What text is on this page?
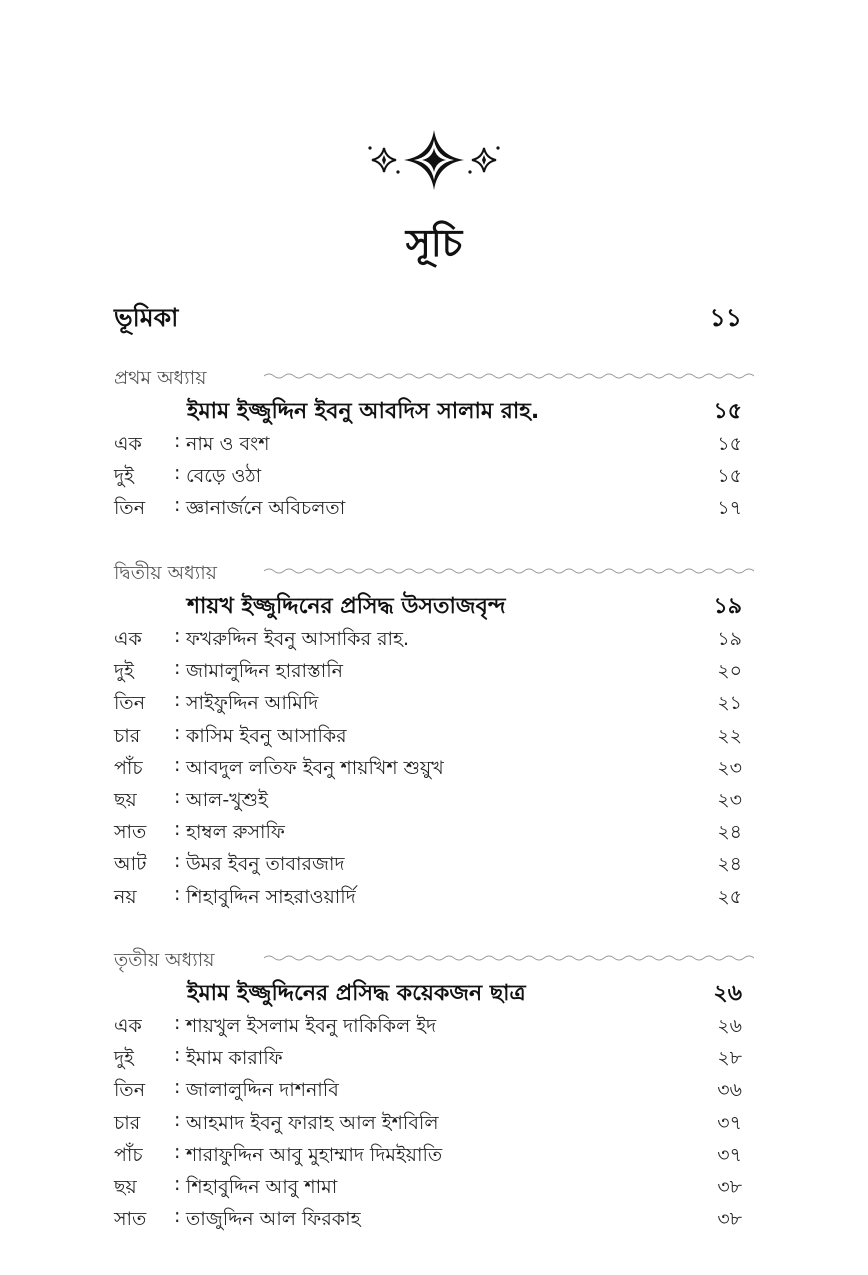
সূচি
ভূমিকা	১১
প্রথম অধ্যায়
ইমাম ইজ্জুদ্দিন ইবনু আবদিস সালাম রাহ.	১৫
এক : নাম ও বংশ	১৫
দুই : বেড়ে ওঠা	১৫
তিন : জ্ঞানার্জনে অবিচলতা	১৭
দ্বিতীয় অধ্যায়
শায়খ ইজ্জুদ্দিনের প্রসিদ্ধ উসতাজবৃন্দ	১৯
এক : ফখরুদ্দিন ইবনু আসাকির রাহ.	১৯
দুই : জামালুদ্দিন হারাস্তানি	২০
তিন : সাইফুদ্দিন আমিদি	২১
চার : কাসিম ইবনু আসাকির	২২
পাঁচ : আবদুল লতিফ ইবনু শায়খিশ শুয়ুখ	২৩
ছয় : আল-খুশুই	২৩
সাত : হাম্বল রুসাফি	২৪
আট : উমর ইবনু তাবারজাদ	২৪
নয় : শিহাবুদ্দিন সাহরাওয়ার্দি	২৫
তৃতীয় অধ্যায়
ইমাম ইজ্জুদ্দিনের প্রসিদ্ধ কয়েকজন ছাত্র	২৬
এক : শায়খুল ইসলাম ইবনু দাকিকিল ইদ	২৬
দুই : ইমাম কারাফি	২৮
তিন : জালালুদ্দিন দাশনাবি	৩৬
চার : আহমাদ ইবনু ফারাহ আল ইশবিলি	৩৭
পাঁচ : শারাফুদ্দিন আবু মুহাম্মাদ দিমইয়াতি	৩৭
ছয় : শিহাবুদ্দিন আবু শামা	৩৮
সাত : তাজুদ্দিন আল ফিরকাহ	৩৮
